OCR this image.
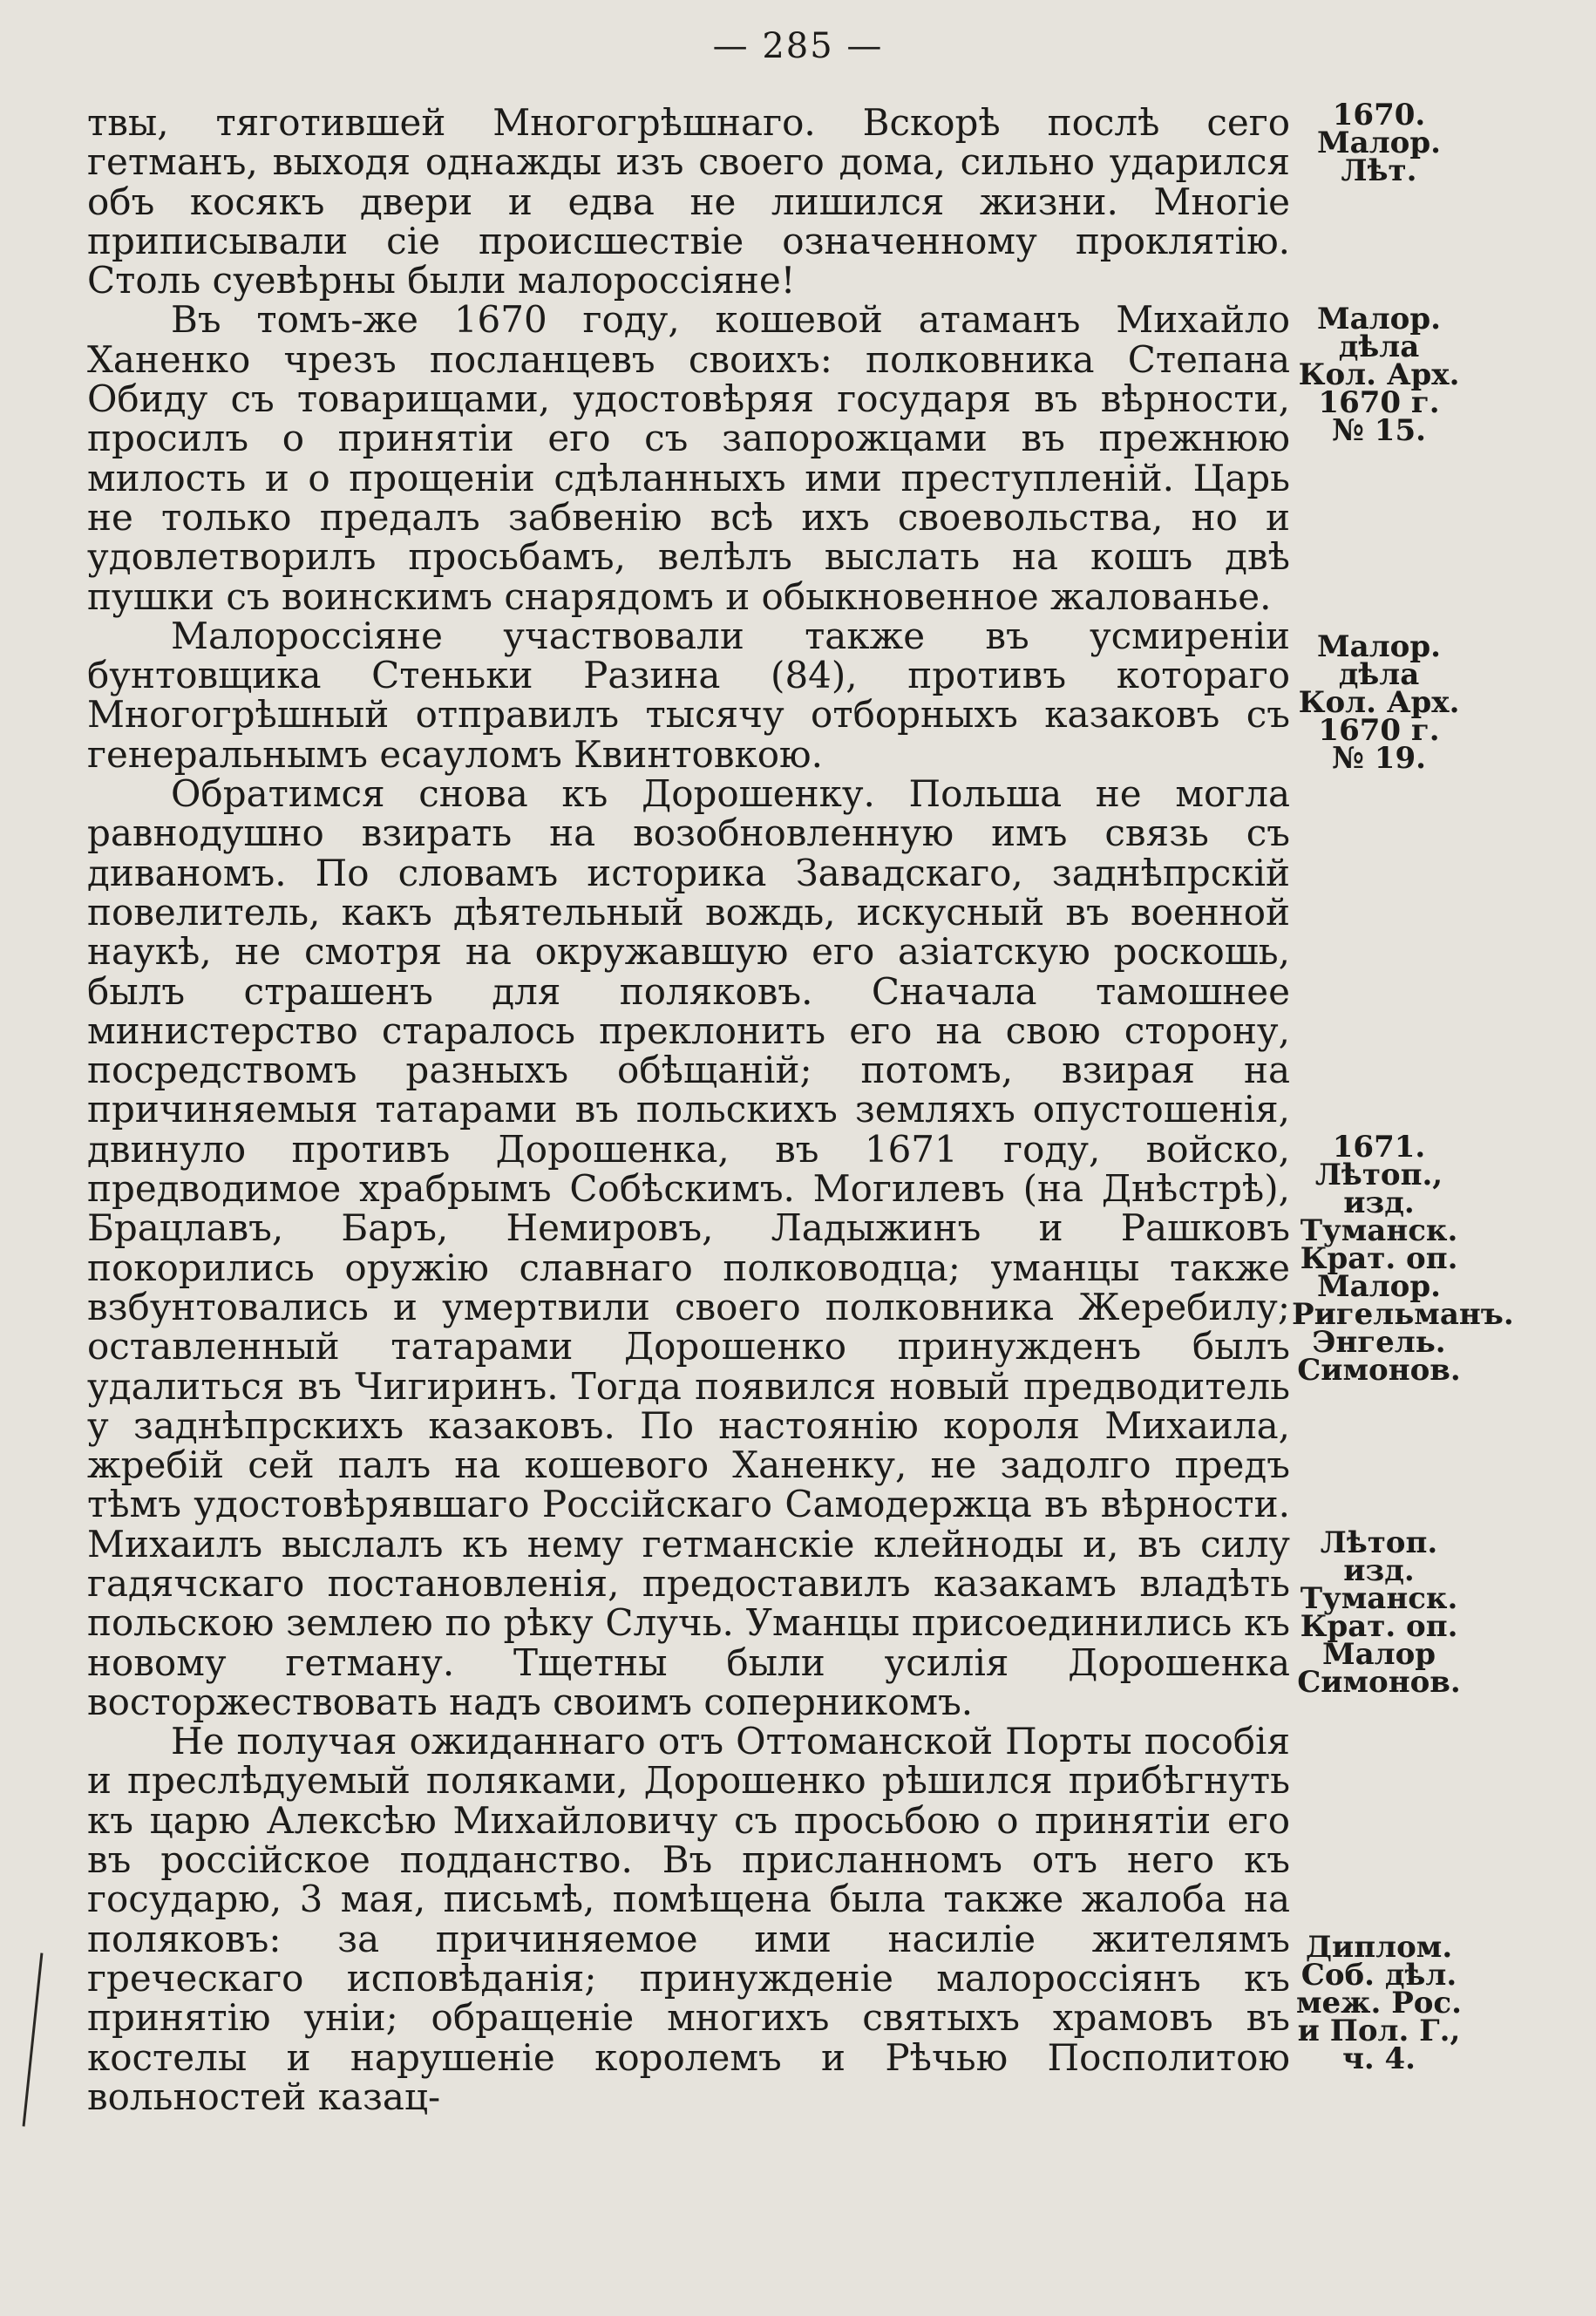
— 285 —

твы, тяготившей Многогрѣшнаго. Вскорѣ послѣ сего гетманъ, выходя однажды изъ своего дома, сильно ударился объ косякъ двери и едва не лишился жизни. Многіе приписывали сіе происшествіе означенному проклятію. Столь суевѣрны были малороссіяне!

Въ томъ-же 1670 году, кошевой атаманъ Михайло Ханенко чрезъ посланцевъ своихъ: полковника Степана Обиду съ товарищами, удостовѣряя государя въ вѣрности, просилъ о принятіи его съ запорожцами въ прежнюю милость и о прощеніи сдѣланныхъ ими преступленій. Царь не только предалъ забвенію всѣ ихъ своевольства, но и удовлетворилъ просьбамъ, велѣлъ выслать на кошъ двѣ пушки съ воинскимъ снарядомъ и обыкновенное жалованье.

Малороссіяне участвовали также въ усмиреніи бунтовщика Стеньки Разина (84), противъ котораго Многогрѣшный отправилъ тысячу отборныхъ казаковъ съ генеральнымъ есауломъ Квинтовкою.

Обратимся снова къ Дорошенку. Польша не могла равнодушно взирать на возобновленную имъ связь съ диваномъ. По словамъ историка Завадскаго, заднѣпрскій повелитель, какъ дѣятельный вождь, искусный въ военной наукѣ, не смотря на окружавшую его азіатскую роскошь, былъ страшенъ для поляковъ. Сначала тамошнее министерство старалось преклонить его на свою сторону, посредствомъ разныхъ обѣщаній; потомъ, взирая на причиняемыя татарами въ польскихъ земляхъ опустошенія, двинуло противъ Дорошенка, въ 1671 году, войско, предводимое храбрымъ Собѣскимъ. Могилевъ (на Днѣстрѣ), Брацлавъ, Баръ, Немировъ, Ладыжинъ и Рашковъ покорились оружію славнаго полководца; уманцы также взбунтовались и умертвили своего полковника Жеребилу; оставленный татарами Дорошенко принужденъ былъ удалиться въ Чигиринъ. Тогда появился новый предводитель у заднѣпрскихъ казаковъ. По настоянію короля Михаила, жребій сей палъ на кошевого Ханенку, не задолго предъ тѣмъ удостовѣрявшаго Россійскаго Самодержца въ вѣрности. Михаилъ выслалъ къ нему гетманскіе клейноды и, въ силу гадячскаго постановленія, предоставилъ казакамъ владѣть польскою землею по рѣку Случь. Уманцы присоединились къ новому гетману. Тщетны были усилія Дорошенка восторжествовать надъ своимъ соперникомъ.

Не получая ожиданнаго отъ Оттоманской Порты пособія и преслѣдуемый поляками, Дорошенко рѣшился прибѣгнуть къ царю Алексѣю Михайловичу съ просьбою о принятіи его въ россійское подданство. Въ присланномъ отъ него къ государю, 3 мая, письмѣ, помѣщена была также жалоба на поляковъ: за причиняемое ими насиліе жителямъ греческаго исповѣданія; принужденіе малороссіянъ къ принятію уніи; обращеніе многихъ святыхъ храмовъ въ костелы и нарушеніе королемъ и Рѣчью Посполитою вольностей казац-

1670.
Малор.
Лѣт.
Малор.
дѣла
Кол. Арх.
1670 г.
№ 15.
Малор.
дѣла
Кол. Арх.
1670 г.
№ 19.
1671.
Лѣтоп.,
изд. Туманск.
Крат. оп.
Малор.
Ригельманъ.
Энгель.
Симонов.
Лѣтоп.
изд. Туманск.
Крат. оп.
Малор
Симонов.
Диплом.
Соб. дѣл.
меж. Рос.
и Пол. Г.,
ч. 4.
